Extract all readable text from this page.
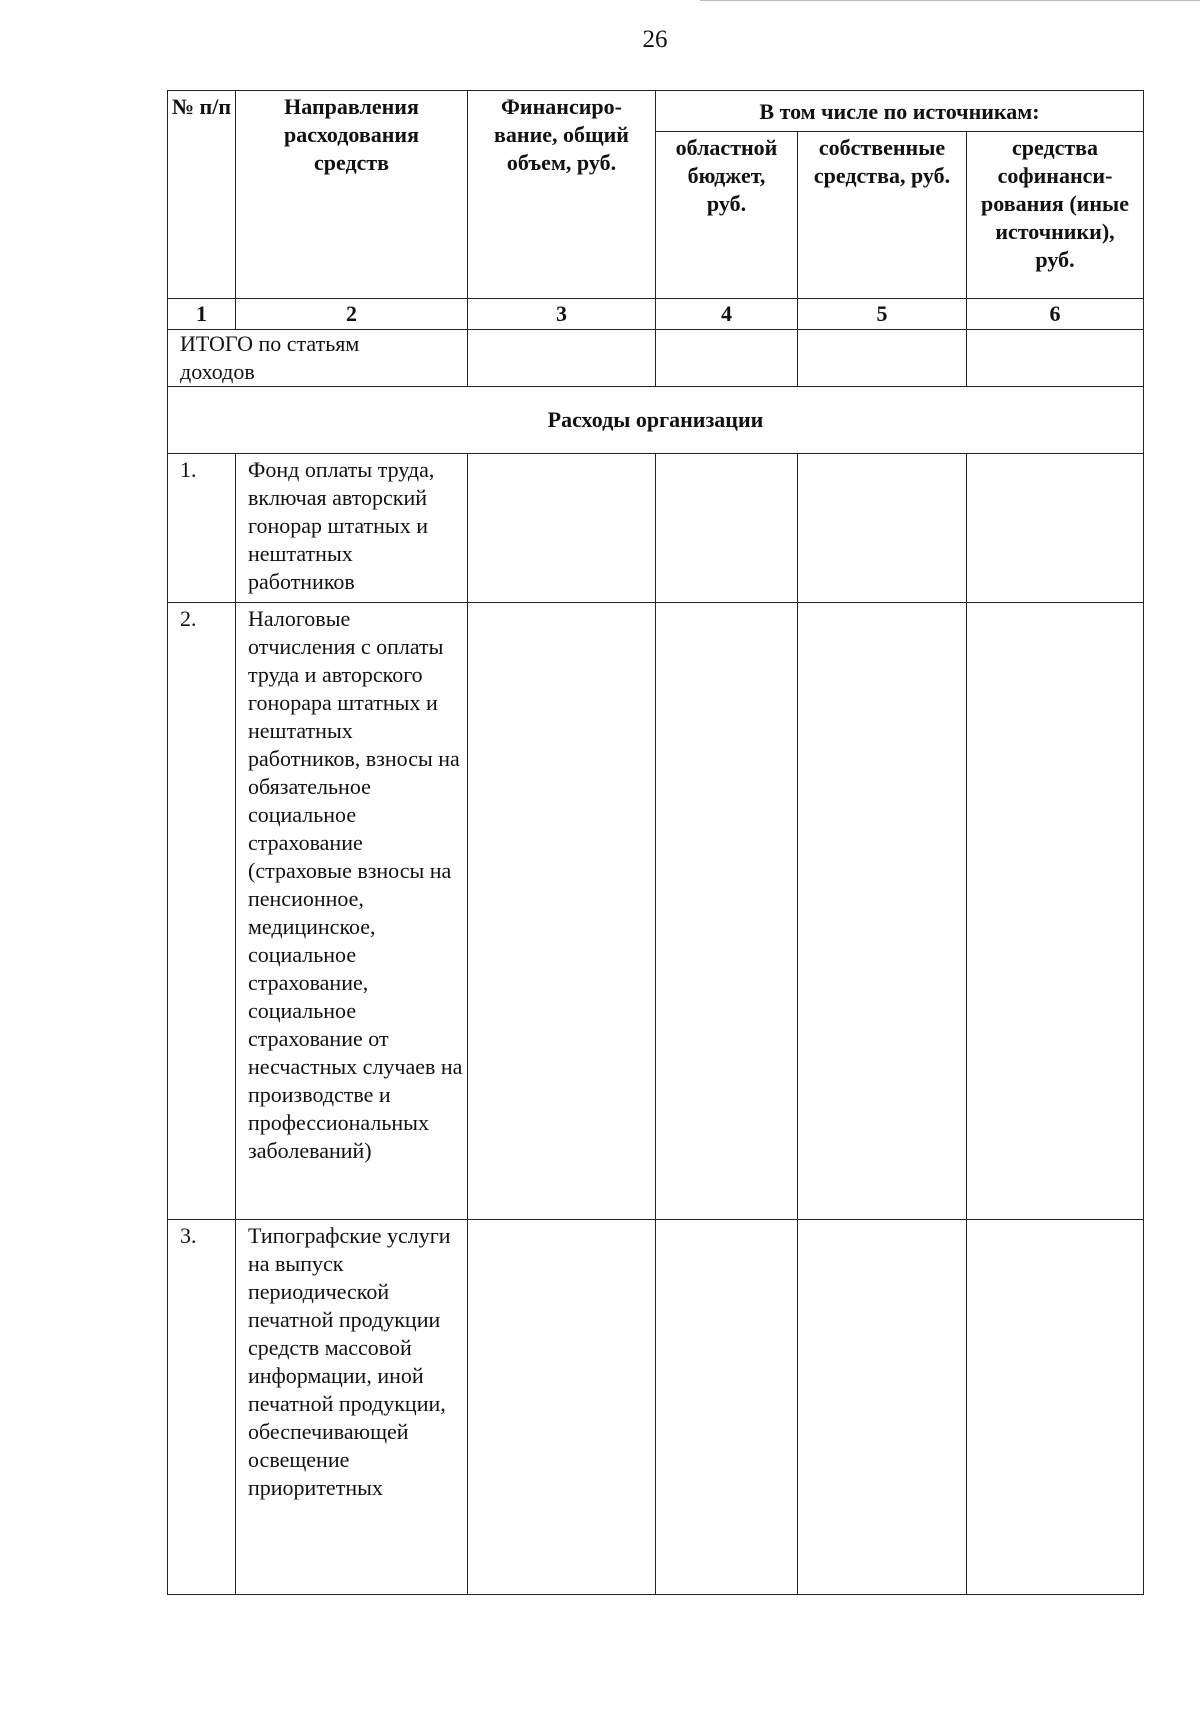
26
№ п/п	Направления расходования средств	Финансиро-вание, общий объем, руб.	В том числе по источникам:		
			областной бюджет, руб.	собственные средства, руб.	средства софинанси-рования (иные источники), руб.
1	2	3	4	5	6
ИТОГО по статьям доходов					
Расходы организации					
1.	Фонд оплаты труда, включая авторский гонорар штатных и нештатных работников				
2.	Налоговые отчисления с оплаты труда и авторского гонорара штатных и нештатных работников, взносы на обязательное социальное страхование (страховые взносы на пенсионное, медицинское, социальное страхование, социальное страхование от несчастных случаев на производстве и профессиональных заболеваний)				
3.	Типографские услуги на выпуск периодической печатной продукции средств массовой информации, иной печатной продукции, обеспечивающей освещение приоритетных				
